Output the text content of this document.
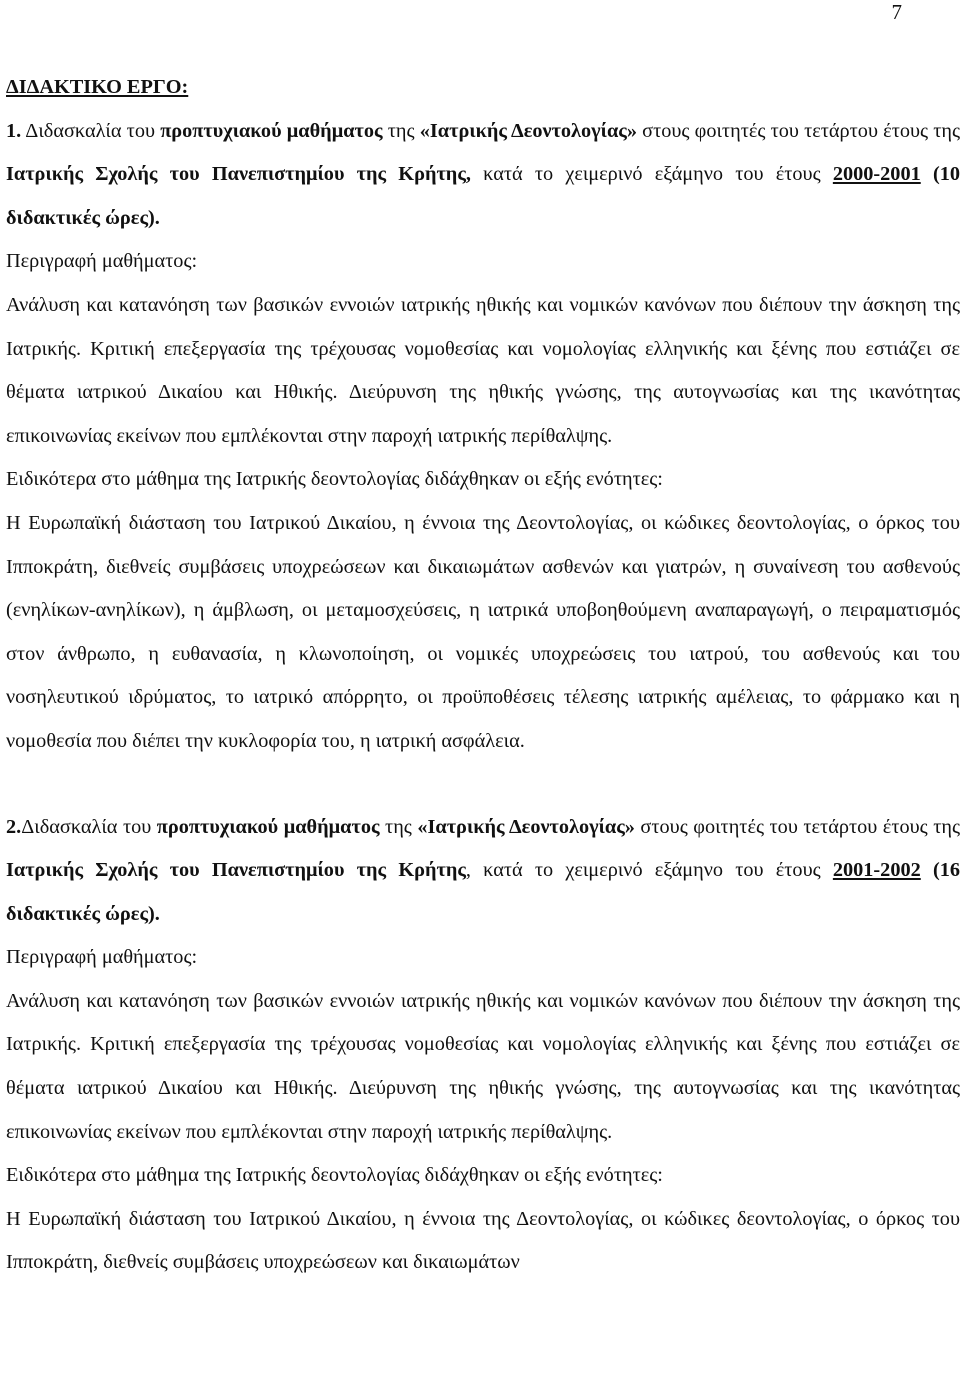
7

ΔΙΔΑΚΤΙΚΟ ΕΡΓΟ:

1. Διδασκαλία του προπτυχιακού μαθήματος της «Ιατρικής Δεοντολογίας» στους φοιτητές του τετάρτου έτους της Ιατρικής Σχολής του Πανεπιστημίου της Κρήτης, κατά το χειμερινό εξάμηνο του έτους 2000-2001 (10 διδακτικές ώρες).

Περιγραφή μαθήματος:

Ανάλυση και κατανόηση των βασικών εννοιών ιατρικής ηθικής και νομικών κανόνων που διέπουν την άσκηση της Ιατρικής. Κριτική επεξεργασία της τρέχουσας νομοθεσίας και νομολογίας ελληνικής και ξένης που εστιάζει σε θέματα ιατρικού Δικαίου και Ηθικής. Διεύρυνση της ηθικής γνώσης, της αυτογνωσίας και της ικανότητας επικοινωνίας εκείνων που εμπλέκονται στην παροχή ιατρικής περίθαλψης.

Ειδικότερα στο μάθημα της Ιατρικής δεοντολογίας διδάχθηκαν οι εξής ενότητες:

Η Ευρωπαϊκή διάσταση του Ιατρικού Δικαίου, η έννοια της Δεοντολογίας, οι κώδικες δεοντολογίας, ο όρκος του Ιπποκράτη, διεθνείς συμβάσεις υποχρεώσεων και δικαιωμάτων ασθενών και γιατρών, η συναίνεση του ασθενούς (ενηλίκων-ανηλίκων), η άμβλωση, οι μεταμοσχεύσεις, η ιατρικά υποβοηθούμενη αναπαραγωγή, ο πειραματισμός στον άνθρωπο, η ευθανασία, η κλωνοποίηση, οι νομικές υποχρεώσεις του ιατρού, του ασθενούς και του νοσηλευτικού ιδρύματος, το ιατρικό απόρρητο, οι προϋποθέσεις τέλεσης ιατρικής αμέλειας, το φάρμακο και η νομοθεσία που διέπει την κυκλοφορία του, η ιατρική ασφάλεια.

2.Διδασκαλία του προπτυχιακού μαθήματος της «Ιατρικής Δεοντολογίας» στους φοιτητές του τετάρτου έτους της Ιατρικής Σχολής του Πανεπιστημίου της Κρήτης, κατά το χειμερινό εξάμηνο του έτους 2001-2002 (16 διδακτικές ώρες).

Περιγραφή μαθήματος:

Ανάλυση και κατανόηση των βασικών εννοιών ιατρικής ηθικής και νομικών κανόνων που διέπουν την άσκηση της Ιατρικής. Κριτική επεξεργασία της τρέχουσας νομοθεσίας και νομολογίας ελληνικής και ξένης που εστιάζει σε θέματα ιατρικού Δικαίου και Ηθικής. Διεύρυνση της ηθικής γνώσης, της αυτογνωσίας και της ικανότητας επικοινωνίας εκείνων που εμπλέκονται στην παροχή ιατρικής περίθαλψης.

Ειδικότερα στο μάθημα της Ιατρικής δεοντολογίας διδάχθηκαν οι εξής ενότητες:

Η Ευρωπαϊκή διάσταση του Ιατρικού Δικαίου, η έννοια της Δεοντολογίας, οι κώδικες δεοντολογίας, ο όρκος του Ιπποκράτη, διεθνείς συμβάσεις υποχρεώσεων και δικαιωμάτων
